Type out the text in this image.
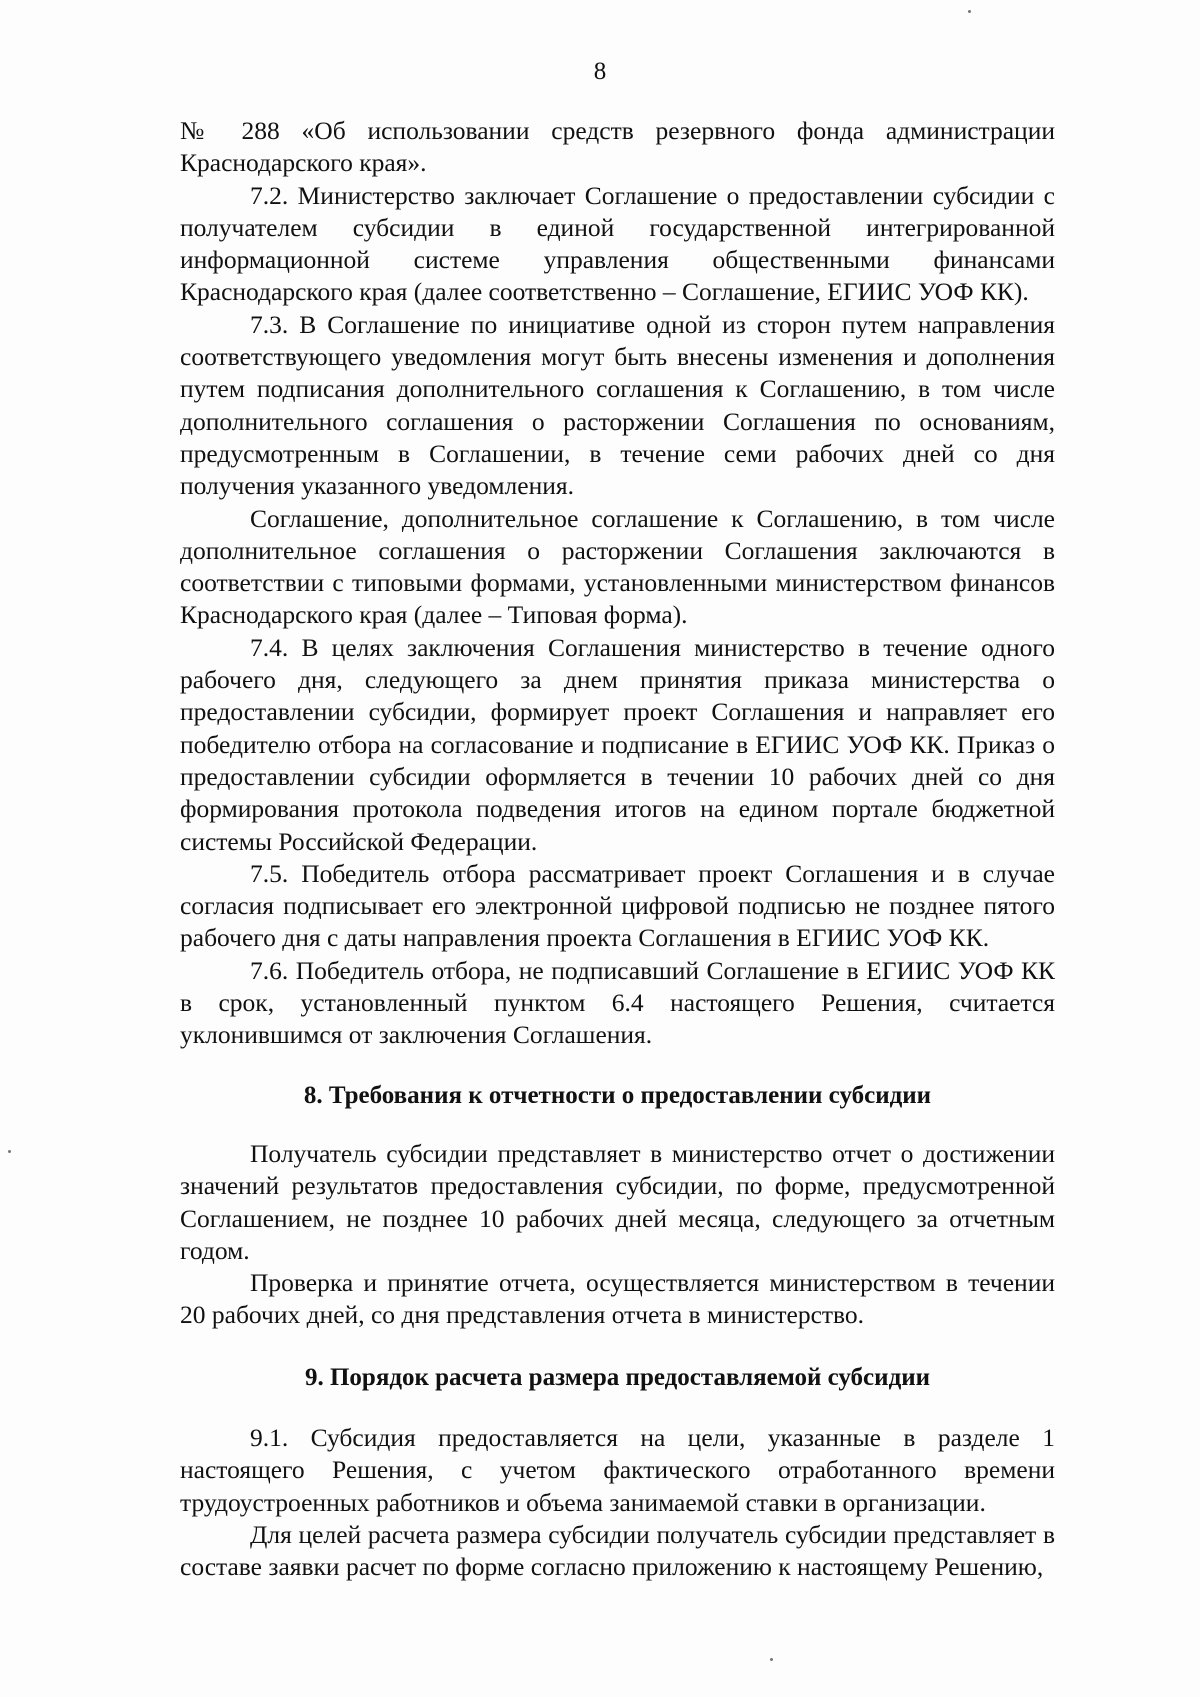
8

№ 288 «Об использовании средств резервного фонда администрации Краснодарского края».

7.2. Министерство заключает Соглашение о предоставлении субсидии с получателем субсидии в единой государственной интегрированной информационной системе управления общественными финансами Краснодарского края (далее соответственно – Соглашение, ЕГИИС УОФ КК).

7.3. В Соглашение по инициативе одной из сторон путем направления соответствующего уведомления могут быть внесены изменения и дополнения путем подписания дополнительного соглашения к Соглашению, в том числе дополнительного соглашения о расторжении Соглашения по основаниям, предусмотренным в Соглашении, в течение семи рабочих дней со дня получения указанного уведомления.

Соглашение, дополнительное соглашение к Соглашению, в том числе дополнительное соглашения о расторжении Соглашения заключаются в соответствии с типовыми формами, установленными министерством финансов Краснодарского края (далее – Типовая форма).

7.4. В целях заключения Соглашения министерство в течение одного рабочего дня, следующего за днем принятия приказа министерства о предоставлении субсидии, формирует проект Соглашения и направляет его победителю отбора на согласование и подписание в ЕГИИС УОФ КК. Приказ о предоставлении субсидии оформляется в течении 10 рабочих дней со дня формирования протокола подведения итогов на едином портале бюджетной системы Российской Федерации.

7.5. Победитель отбора рассматривает проект Соглашения и в случае согласия подписывает его электронной цифровой подписью не позднее пятого рабочего дня с даты направления проекта Соглашения в ЕГИИС УОФ КК.

7.6. Победитель отбора, не подписавший Соглашение в ЕГИИС УОФ КК в срок, установленный пунктом 6.4 настоящего Решения, считается уклонившимся от заключения Соглашения.

8. Требования к отчетности о предоставлении субсидии

Получатель субсидии представляет в министерство отчет о достижении значений результатов предоставления субсидии, по форме, предусмотренной Соглашением, не позднее 10 рабочих дней месяца, следующего за отчетным годом.

Проверка и принятие отчета, осуществляется министерством в течении 20 рабочих дней, со дня представления отчета в министерство.

9. Порядок расчета размера предоставляемой субсидии

9.1. Субсидия предоставляется на цели, указанные в разделе 1 настоящего Решения, с учетом фактического отработанного времени трудоустроенных работников и объема занимаемой ставки в организации.

Для целей расчета размера субсидии получатель субсидии представляет в составе заявки расчет по форме согласно приложению к настоящему Решению,
